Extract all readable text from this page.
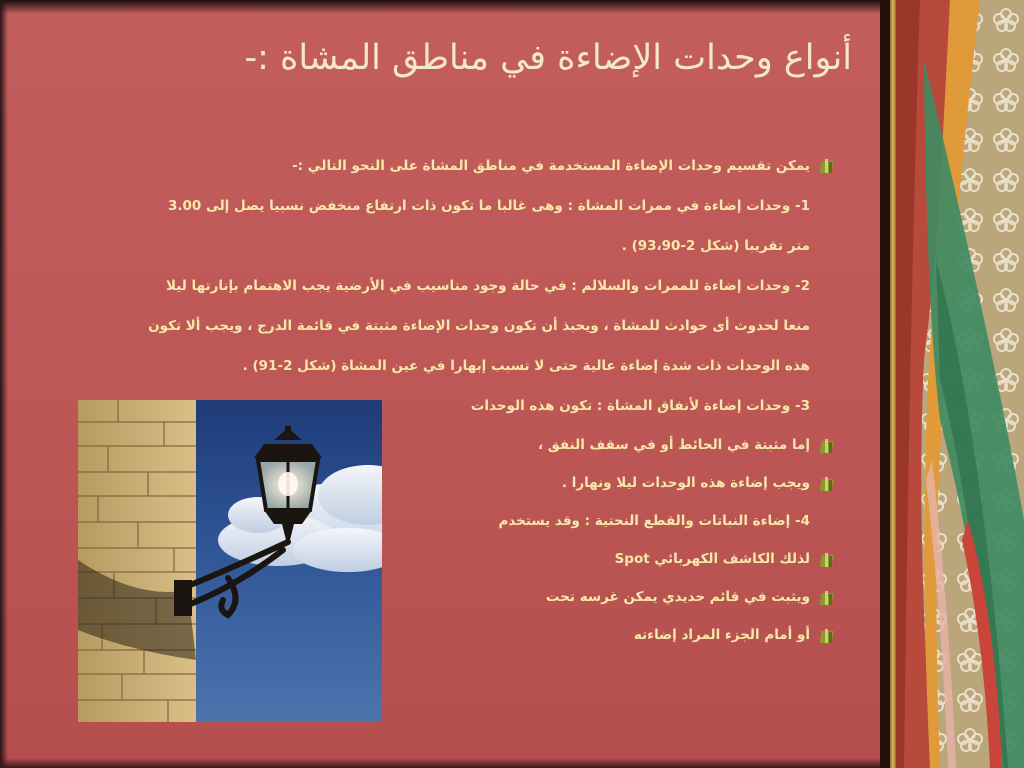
أنواع وحدات الإضاءة في مناطق المشاة :-
يمكن تقسيم وحدات الإضاءة المستخدمة في مناطق المشاة على النحو التالي :-
1- وحدات إضاءة في ممرات المشاة : وهى غالبا ما تكون ذات ارتفاع منخفض نسبيا يصل إلى 3.00
متر تقريبا (شكل 2-93،90) .
2- وحدات إضاءة للممرات والسلالم : في حالة وجود مناسيب في الأرضية يجب الاهتمام بإنارتها ليلا
منعا لحدوث أى حوادث للمشاة ، ويحبذ أن تكون وحدات الإضاءة مثبتة في قائمة الدرج ، ويجب ألا تكون
هذه الوحدات ذات شدة إضاءة عالية حتى لا تسبب إبهارا في عين المشاة (شكل 2-91) .
3- وحدات إضاءة لأنفاق المشاة : تكون هذه الوحدات
إما مثبتة في الحائط أو في سقف النفق ،
ويجب إضاءة هذه الوحدات ليلا ونهارا .
4- إضاءة النباتات والقطع النحتية : وقد يستخدم
لذلك الكاشف الكهربائي Spot
ويثبت في قائم حديدي يمكن غرسه تحت
أو أمام الجزء المراد إضاءته
